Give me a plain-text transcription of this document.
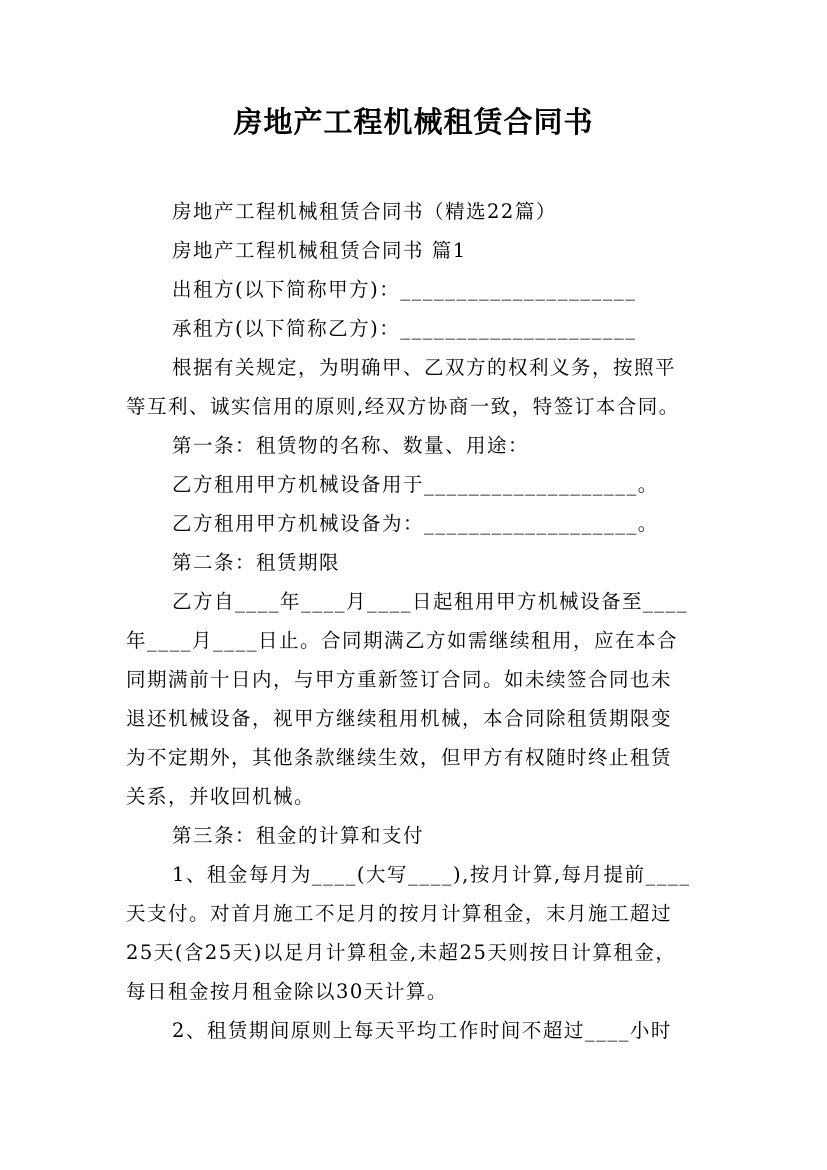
房地产工程机械租赁合同书
房地产工程机械租赁合同书（精选22篇）
房地产工程机械租赁合同书 篇1
出租方(以下简称甲方)：_____________________
承租方(以下简称乙方)：_____________________
根据有关规定，为明确甲、乙双方的权利义务，按照平
等互利、诚实信用的原则,经双方协商一致，特签订本合同。
第一条：租赁物的名称、数量、用途：
乙方租用甲方机械设备用于___________________。
乙方租用甲方机械设备为：___________________。
第二条：租赁期限
乙方自____年____月____日起租用甲方机械设备至____
年____月____日止。合同期满乙方如需继续租用，应在本合
同期满前十日内，与甲方重新签订合同。如未续签合同也未
退还机械设备，视甲方继续租用机械，本合同除租赁期限变
为不定期外，其他条款继续生效，但甲方有权随时终止租赁
关系，并收回机械。
第三条：租金的计算和支付
1、租金每月为____(大写____),按月计算,每月提前____
天支付。对首月施工不足月的按月计算租金，末月施工超过
25天(含25天)以足月计算租金,未超25天则按日计算租金，
每日租金按月租金除以30天计算。
2、租赁期间原则上每天平均工作时间不超过____小时
